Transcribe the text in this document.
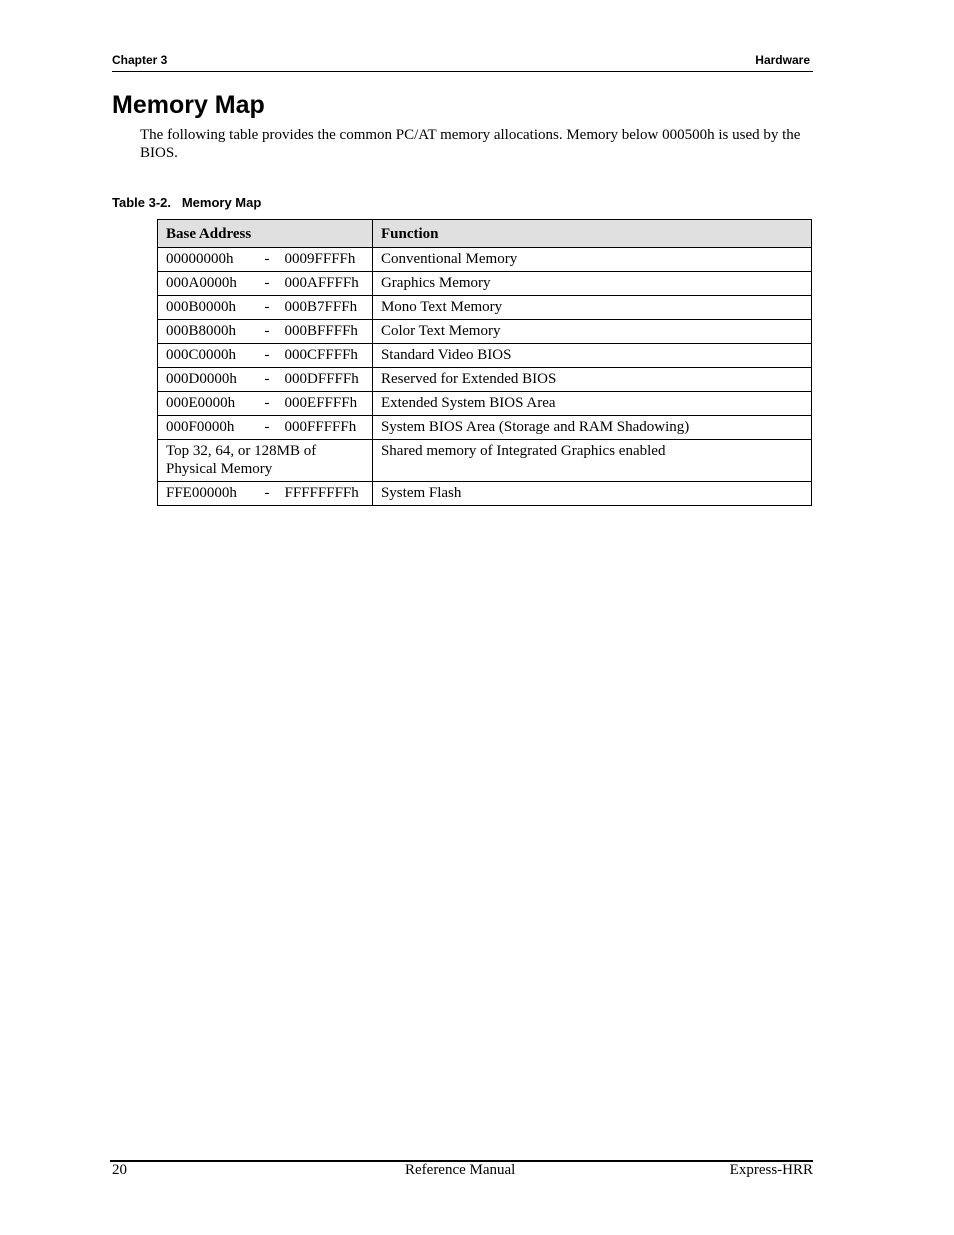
Chapter 3	Hardware
Memory Map

The following table provides the common PC/AT memory allocations. Memory below 000500h is used by the BIOS.

Table 3-2.   Memory Map

Base Address		Function
00000000h	- 0009FFFFh	Conventional Memory
000A0000h	- 000AFFFFh	Graphics Memory
000B0000h	- 000B7FFFh	Mono Text Memory
000B8000h	- 000BFFFFh	Color Text Memory
000C0000h	- 000CFFFFh	Standard Video BIOS
000D0000h	- 000DFFFFh	Reserved for Extended BIOS
000E0000h	- 000EFFFFh	Extended System BIOS Area
000F0000h	- 000FFFFFh	System BIOS Area (Storage and RAM Shadowing)
Top 32, 64, or 128MB of Physical Memory		Shared memory of Integrated Graphics enabled
FFE00000h	- FFFFFFFFh	System Flash
20	Reference Manual	Express-HRR
